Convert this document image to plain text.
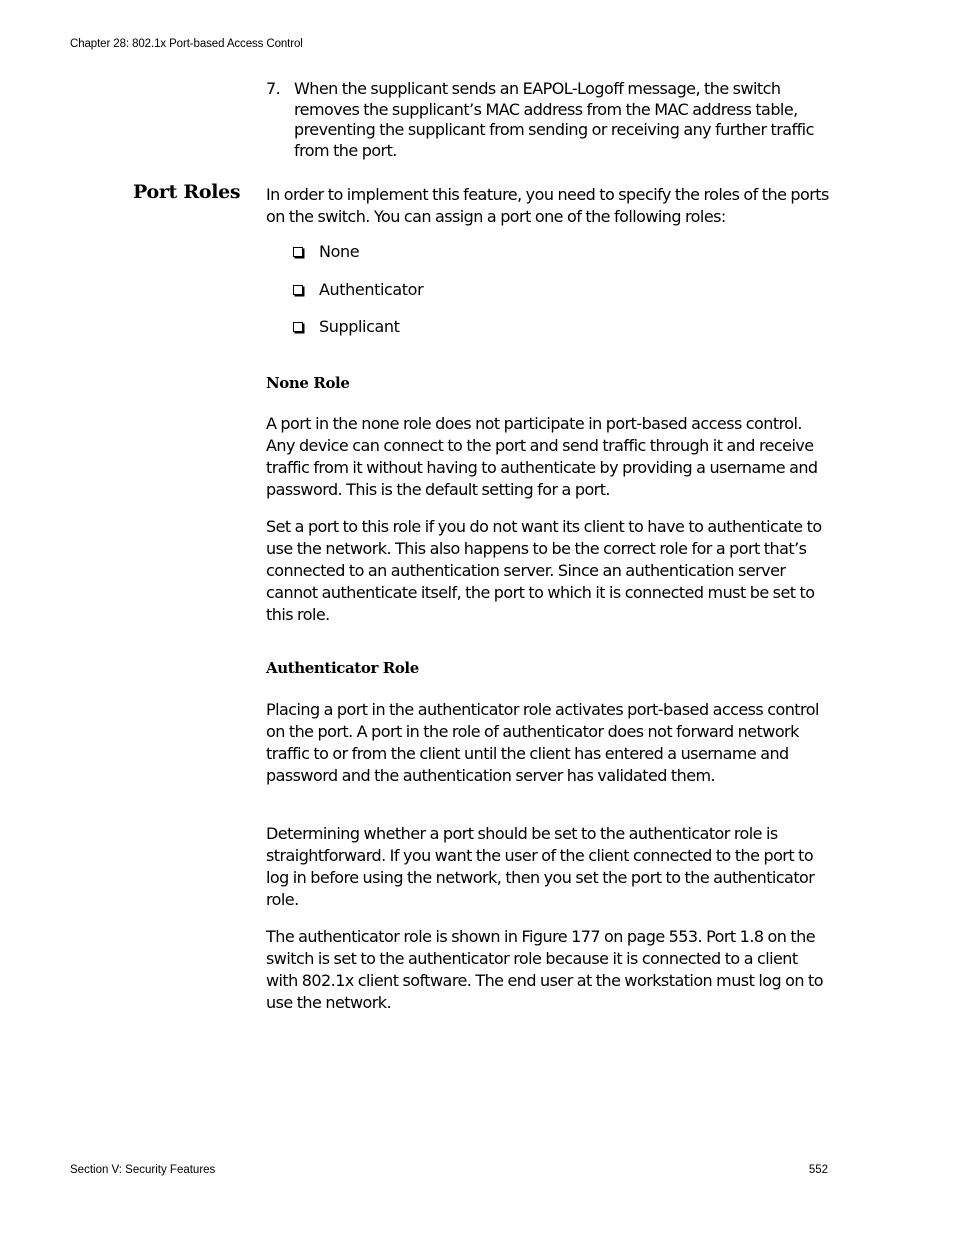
Chapter 28: 802.1x Port-based Access Control
7. When the supplicant sends an EAPOL-Logoff message, the switch removes the supplicant’s MAC address from the MAC address table, preventing the supplicant from sending or receiving any further traffic from the port.
Port Roles In order to implement this feature, you need to specify the roles of the ports on the switch. You can assign a port one of the following roles:

None
Authenticator
Supplicant
None Role

A port in the none role does not participate in port-based access control. Any device can connect to the port and send traffic through it and receive traffic from it without having to authenticate by providing a username and password. This is the default setting for a port.

Set a port to this role if you do not want its client to have to authenticate to use the network. This also happens to be the correct role for a port that’s connected to an authentication server. Since an authentication server cannot authenticate itself, the port to which it is connected must be set to this role.

Authenticator Role

Placing a port in the authenticator role activates port-based access control on the port. A port in the role of authenticator does not forward network traffic to or from the client until the client has entered a username and password and the authentication server has validated them.

Determining whether a port should be set to the authenticator role is straightforward. If you want the user of the client connected to the port to log in before using the network, then you set the port to the authenticator role.

The authenticator role is shown in Figure 177 on page 553. Port 1.8 on the switch is set to the authenticator role because it is connected to a client with 802.1x client software. The end user at the workstation must log on to use the network.

Section V: Security Features	552
